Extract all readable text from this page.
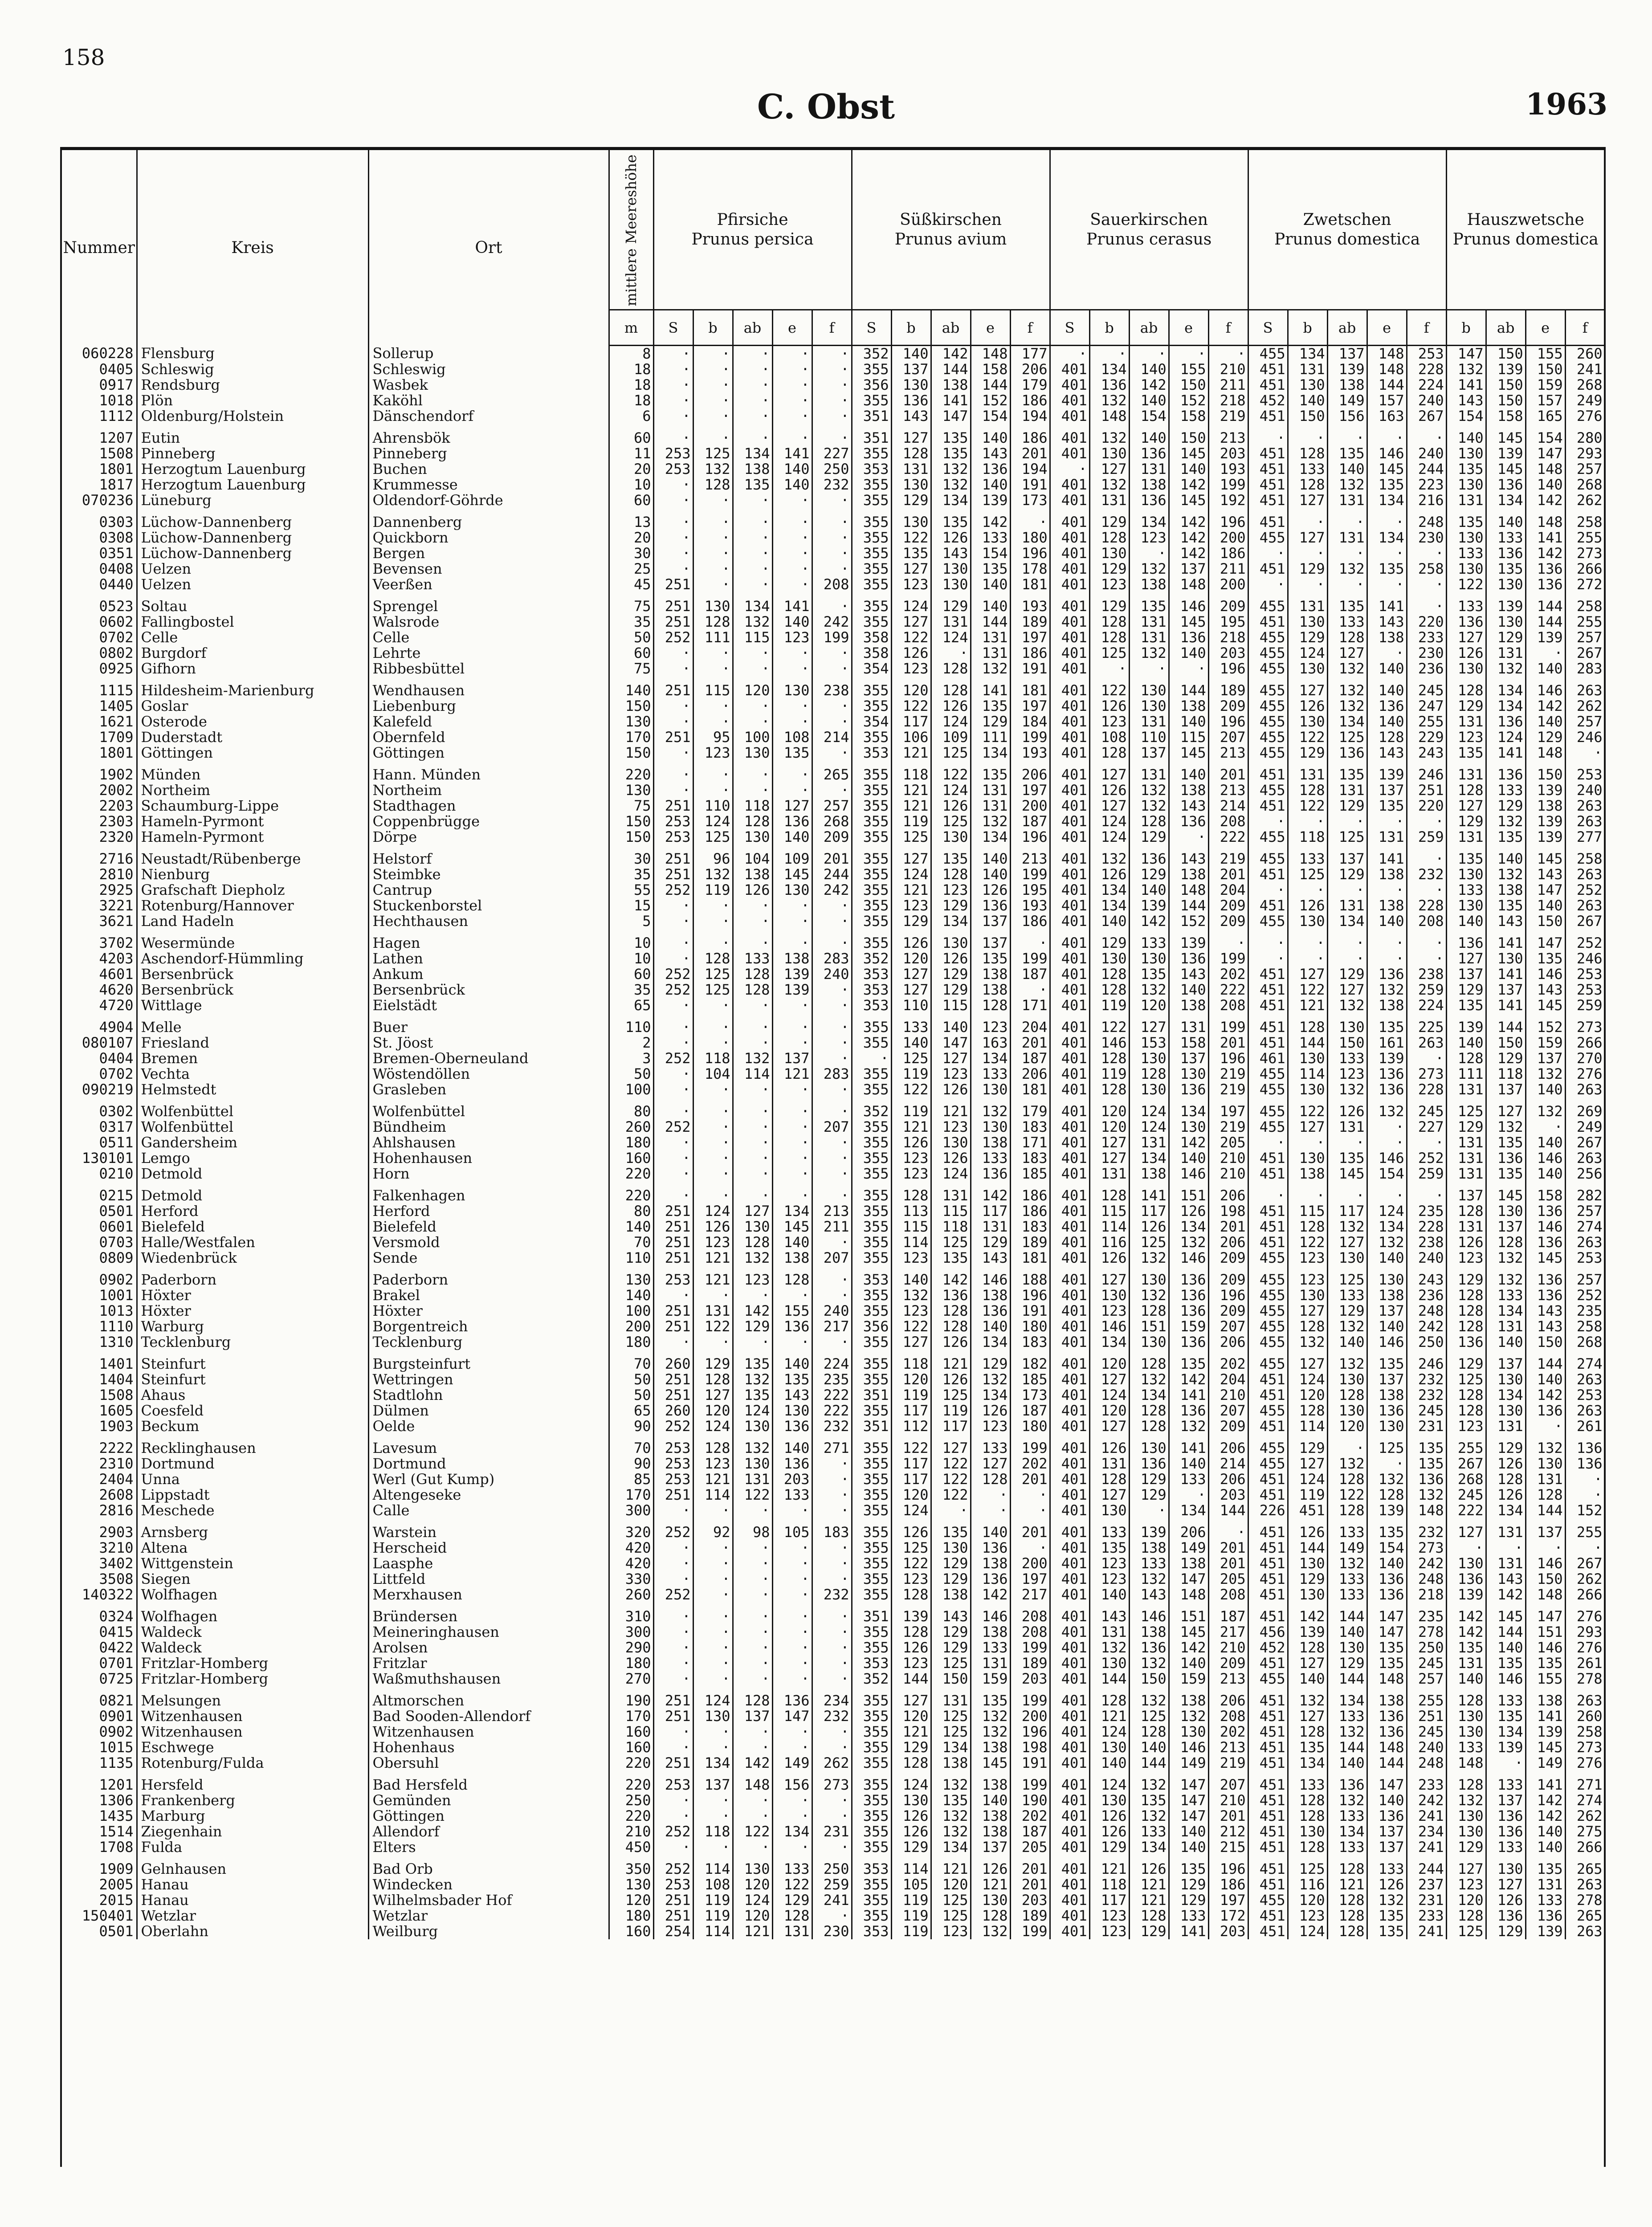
158
C. Obst	1963
Nummer	Kreis	Ort	mittlere Meereshöhe	Pfirsiche
Prunus persica					Süßkirschen
Prunus avium					Sauerkirschen
Prunus cerasus					Zwetschen
Prunus domestica					Hauszwetsche
Prunus domestica			
			m	S	b	ab	e	f	S	b	ab	e	f	S	b	ab	e	f	S	b	ab	e	f	b	ab	e	f
060228	Flensburg	Sollerup	8	·	·	·	·	·	352	140	142	148	177	·	·	·	·	·	455	134	137	148	253	147	150	155	260
0405	Schleswig	Schleswig	18	·	·	·	·	·	355	137	144	158	206	401	134	140	155	210	451	131	139	148	228	132	139	150	241
0917	Rendsburg	Wasbek	18	·	·	·	·	·	356	130	138	144	179	401	136	142	150	211	451	130	138	144	224	141	150	159	268
1018	Plön	Kaköhl	18	·	·	·	·	·	355	136	141	152	186	401	132	140	152	218	452	140	149	157	240	143	150	157	249
1112	Oldenburg/Holstein	Dänschendorf	6	·	·	·	·	·	351	143	147	154	194	401	148	154	158	219	451	150	156	163	267	154	158	165	276
1207	Eutin	Ahrensbök	60	·	·	·	·	·	351	127	135	140	186	401	132	140	150	213	·	·	·	·	·	140	145	154	280
1508	Pinneberg	Pinneberg	11	253	125	134	141	227	355	128	135	143	201	401	130	136	145	203	451	128	135	146	240	130	139	147	293
1801	Herzogtum Lauenburg	Buchen	20	253	132	138	140	250	353	131	132	136	194	·	127	131	140	193	451	133	140	145	244	135	145	148	257
1817	Herzogtum Lauenburg	Krummesse	10	·	128	135	140	232	355	130	132	140	191	401	132	138	142	199	451	128	132	135	223	130	136	140	268
070236	Lüneburg	Oldendorf-Göhrde	60	·	·	·	·	·	355	129	134	139	173	401	131	136	145	192	451	127	131	134	216	131	134	142	262
0303	Lüchow-Dannenberg	Dannenberg	13	·	·	·	·	·	355	130	135	142	·	401	129	134	142	196	451	·	·	·	248	135	140	148	258
0308	Lüchow-Dannenberg	Quickborn	20	·	·	·	·	·	355	122	126	133	180	401	128	123	142	200	455	127	131	134	230	130	133	141	255
0351	Lüchow-Dannenberg	Bergen	30	·	·	·	·	·	355	135	143	154	196	401	130	·	142	186	·	·	·	·	·	133	136	142	273
0408	Uelzen	Bevensen	25	·	·	·	·	·	355	127	130	135	178	401	129	132	137	211	451	129	132	135	258	130	135	136	266
0440	Uelzen	Veerßen	45	251	·	·	·	208	355	123	130	140	181	401	123	138	148	200	·	·	·	·	·	122	130	136	272
0523	Soltau	Sprengel	75	251	130	134	141	·	355	124	129	140	193	401	129	135	146	209	455	131	135	141	·	133	139	144	258
0602	Fallingbostel	Walsrode	35	251	128	132	140	242	355	127	131	144	189	401	128	131	145	195	451	130	133	143	220	136	130	144	255
0702	Celle	Celle	50	252	111	115	123	199	358	122	124	131	197	401	128	131	136	218	455	129	128	138	233	127	129	139	257
0802	Burgdorf	Lehrte	60	·	·	·	·	·	358	126	·	131	186	401	125	132	140	203	455	124	127	·	230	126	131	·	267
0925	Gifhorn	Ribbesbüttel	75	·	·	·	·	·	354	123	128	132	191	401	·	·	·	196	455	130	132	140	236	130	132	140	283
1115	Hildesheim-Marienburg	Wendhausen	140	251	115	120	130	238	355	120	128	141	181	401	122	130	144	189	455	127	132	140	245	128	134	146	263
1405	Goslar	Liebenburg	150	·	·	·	·	·	355	122	126	135	197	401	126	130	138	209	455	126	132	136	247	129	134	142	262
1621	Osterode	Kalefeld	130	·	·	·	·	·	354	117	124	129	184	401	123	131	140	196	455	130	134	140	255	131	136	140	257
1709	Duderstadt	Obernfeld	170	251	95	100	108	214	355	106	109	111	199	401	108	110	115	207	455	122	125	128	229	123	124	129	246
1801	Göttingen	Göttingen	150	·	123	130	135	·	353	121	125	134	193	401	128	137	145	213	455	129	136	143	243	135	141	148	·
1902	Münden	Hann. Münden	220	·	·	·	·	265	355	118	122	135	206	401	127	131	140	201	451	131	135	139	246	131	136	150	253
2002	Northeim	Northeim	130	·	·	·	·	·	355	121	124	131	197	401	126	132	138	213	455	128	131	137	251	128	133	139	240
2203	Schaumburg-Lippe	Stadthagen	75	251	110	118	127	257	355	121	126	131	200	401	127	132	143	214	451	122	129	135	220	127	129	138	263
2303	Hameln-Pyrmont	Coppenbrügge	150	253	124	128	136	268	355	119	125	132	187	401	124	128	136	208	·	·	·	·	·	129	132	139	263
2320	Hameln-Pyrmont	Dörpe	150	253	125	130	140	209	355	125	130	134	196	401	124	129	·	222	455	118	125	131	259	131	135	139	277
2716	Neustadt/Rübenberge	Helstorf	30	251	96	104	109	201	355	127	135	140	213	401	132	136	143	219	455	133	137	141	·	135	140	145	258
2810	Nienburg	Steimbke	35	251	132	138	145	244	355	124	128	140	199	401	126	129	138	201	451	125	129	138	232	130	132	143	263
2925	Grafschaft Diepholz	Cantrup	55	252	119	126	130	242	355	121	123	126	195	401	134	140	148	204	·	·	·	·	·	133	138	147	252
3221	Rotenburg/Hannover	Stuckenborstel	15	·	·	·	·	·	355	123	129	136	193	401	134	139	144	209	451	126	131	138	228	130	135	140	263
3621	Land Hadeln	Hechthausen	5	·	·	·	·	·	355	129	134	137	186	401	140	142	152	209	455	130	134	140	208	140	143	150	267
3702	Wesermünde	Hagen	10	·	·	·	·	·	355	126	130	137	·	401	129	133	139	·	·	·	·	·	·	136	141	147	252
4203	Aschendorf-Hümmling	Lathen	10	·	128	133	138	283	352	120	126	135	199	401	130	130	136	199	·	·	·	·	·	127	130	135	246
4601	Bersenbrück	Ankum	60	252	125	128	139	240	353	127	129	138	187	401	128	135	143	202	451	127	129	136	238	137	141	146	253
4620	Bersenbrück	Bersenbrück	35	252	125	128	139	·	353	127	129	138	·	401	128	132	140	222	451	122	127	132	259	129	137	143	253
4720	Wittlage	Eielstädt	65	·	·	·	·	·	353	110	115	128	171	401	119	120	138	208	451	121	132	138	224	135	141	145	259
4904	Melle	Buer	110	·	·	·	·	·	355	133	140	123	204	401	122	127	131	199	451	128	130	135	225	139	144	152	273
080107	Friesland	St. Jöost	2	·	·	·	·	·	355	140	147	163	201	401	146	153	158	201	451	144	150	161	263	140	150	159	266
0404	Bremen	Bremen-Oberneuland	3	252	118	132	137	·	·	125	127	134	187	401	128	130	137	196	461	130	133	139	·	128	129	137	270
0702	Vechta	Wöstendöllen	50	·	104	114	121	283	355	119	123	133	206	401	119	128	130	219	455	114	123	136	273	111	118	132	276
090219	Helmstedt	Grasleben	100	·	·	·	·	·	355	122	126	130	181	401	128	130	136	219	455	130	132	136	228	131	137	140	263
0302	Wolfenbüttel	Wolfenbüttel	80	·	·	·	·	·	352	119	121	132	179	401	120	124	134	197	455	122	126	132	245	125	127	132	269
0317	Wolfenbüttel	Bündheim	260	252	·	·	·	207	355	121	123	130	183	401	120	124	130	219	455	127	131	·	227	129	132	·	249
0511	Gandersheim	Ahlshausen	180	·	·	·	·	·	355	126	130	138	171	401	127	131	142	205	·	·	·	·	·	131	135	140	267
130101	Lemgo	Hohenhausen	160	·	·	·	·	·	355	123	126	133	183	401	127	134	140	210	451	130	135	146	252	131	136	146	263
0210	Detmold	Horn	220	·	·	·	·	·	355	123	124	136	185	401	131	138	146	210	451	138	145	154	259	131	135	140	256
0215	Detmold	Falkenhagen	220	·	·	·	·	·	355	128	131	142	186	401	128	141	151	206	·	·	·	·	·	137	145	158	282
0501	Herford	Herford	80	251	124	127	134	213	355	113	115	117	186	401	115	117	126	198	451	115	117	124	235	128	130	136	257
0601	Bielefeld	Bielefeld	140	251	126	130	145	211	355	115	118	131	183	401	114	126	134	201	451	128	132	134	228	131	137	146	274
0703	Halle/Westfalen	Versmold	70	251	123	128	140	·	355	114	125	129	189	401	116	125	132	206	451	122	127	132	238	126	128	136	263
0809	Wiedenbrück	Sende	110	251	121	132	138	207	355	123	135	143	181	401	126	132	146	209	455	123	130	140	240	123	132	145	253
0902	Paderborn	Paderborn	130	253	121	123	128	·	353	140	142	146	188	401	127	130	136	209	455	123	125	130	243	129	132	136	257
1001	Höxter	Brakel	140	·	·	·	·	·	355	132	136	138	196	401	130	132	136	196	455	130	133	138	236	128	133	136	252
1013	Höxter	Höxter	100	251	131	142	155	240	355	123	128	136	191	401	123	128	136	209	455	127	129	137	248	128	134	143	235
1110	Warburg	Borgentreich	200	251	122	129	136	217	356	122	128	140	180	401	146	151	159	207	455	128	132	140	242	128	131	143	258
1310	Tecklenburg	Tecklenburg	180	·	·	·	·	·	355	127	126	134	183	401	134	130	136	206	455	132	140	146	250	136	140	150	268
1401	Steinfurt	Burgsteinfurt	70	260	129	135	140	224	355	118	121	129	182	401	120	128	135	202	455	127	132	135	246	129	137	144	274
1404	Steinfurt	Wettringen	50	251	128	132	135	235	355	120	126	132	185	401	127	132	142	204	451	124	130	137	232	125	130	140	263
1508	Ahaus	Stadtlohn	50	251	127	135	143	222	351	119	125	134	173	401	124	134	141	210	451	120	128	138	232	128	134	142	253
1605	Coesfeld	Dülmen	65	260	120	124	130	222	355	117	119	126	187	401	120	128	136	207	455	128	130	136	245	128	130	136	263
1903	Beckum	Oelde	90	252	124	130	136	232	351	112	117	123	180	401	127	128	132	209	451	114	120	130	231	123	131	·	261
2222	Recklinghausen	Lavesum	70	253	128	132	140	271	355	122	127	133	199	401	126	130	141	206	455	129	·	125	135	255	129	132	136
2310	Dortmund	Dortmund	90	253	123	130	136	·	355	117	122	127	202	401	131	136	140	214	455	127	132	·	135	267	126	130	136
2404	Unna	Werl (Gut Kump)	85	253	121	131	203	·	355	117	122	128	201	401	128	129	133	206	451	124	128	132	136	268	128	131	·
2608	Lippstadt	Altengeseke	170	251	114	122	133	·	355	120	122	·	·	401	127	129	·	203	451	119	122	128	132	245	126	128	·
2816	Meschede	Calle	300	·	·	·	·	·	355	124	·	·	·	401	130	·	134	144	226	451	128	139	148	222	134	144	152
2903	Arnsberg	Warstein	320	252	92	98	105	183	355	126	135	140	201	401	133	139	206	·	451	126	133	135	232	127	131	137	255
3210	Altena	Herscheid	420	·	·	·	·	·	355	125	130	136	·	401	135	138	149	201	451	144	149	154	273	·	·	·	·
3402	Wittgenstein	Laasphe	420	·	·	·	·	·	355	122	129	138	200	401	123	133	138	201	451	130	132	140	242	130	131	146	267
3508	Siegen	Littfeld	330	·	·	·	·	·	355	123	129	136	197	401	123	132	147	205	451	129	133	136	248	136	143	150	262
140322	Wolfhagen	Merxhausen	260	252	·	·	·	232	355	128	138	142	217	401	140	143	148	208	451	130	133	136	218	139	142	148	266
0324	Wolfhagen	Bründersen	310	·	·	·	·	·	351	139	143	146	208	401	143	146	151	187	451	142	144	147	235	142	145	147	276
0415	Waldeck	Meineringhausen	300	·	·	·	·	·	355	128	129	138	208	401	131	138	145	217	456	139	140	147	278	142	144	151	293
0422	Waldeck	Arolsen	290	·	·	·	·	·	355	126	129	133	199	401	132	136	142	210	452	128	130	135	250	135	140	146	276
0701	Fritzlar-Homberg	Fritzlar	180	·	·	·	·	·	353	123	125	131	189	401	130	132	140	209	451	127	129	135	245	131	135	135	261
0725	Fritzlar-Homberg	Waßmuthshausen	270	·	·	·	·	·	352	144	150	159	203	401	144	150	159	213	455	140	144	148	257	140	146	155	278
0821	Melsungen	Altmorschen	190	251	124	128	136	234	355	127	131	135	199	401	128	132	138	206	451	132	134	138	255	128	133	138	263
0901	Witzenhausen	Bad Sooden-Allendorf	170	251	130	137	147	232	355	120	125	132	200	401	121	125	132	208	451	127	133	136	251	130	135	141	260
0902	Witzenhausen	Witzenhausen	160	·	·	·	·	·	355	121	125	132	196	401	124	128	130	202	451	128	132	136	245	130	134	139	258
1015	Eschwege	Hohenhaus	160	·	·	·	·	·	355	129	134	138	198	401	130	140	146	213	451	135	144	148	240	133	139	145	273
1135	Rotenburg/Fulda	Obersuhl	220	251	134	142	149	262	355	128	138	145	191	401	140	144	149	219	451	134	140	144	248	148	·	149	276
1201	Hersfeld	Bad Hersfeld	220	253	137	148	156	273	355	124	132	138	199	401	124	132	147	207	451	133	136	147	233	128	133	141	271
1306	Frankenberg	Gemünden	250	·	·	·	·	·	355	130	135	140	190	401	130	135	147	210	451	128	132	140	242	132	137	142	274
1435	Marburg	Göttingen	220	·	·	·	·	·	355	126	132	138	202	401	126	132	147	201	451	128	133	136	241	130	136	142	262
1514	Ziegenhain	Allendorf	210	252	118	122	134	231	355	126	132	138	187	401	126	133	140	212	451	130	134	137	234	130	136	140	275
1708	Fulda	Elters	450	·	·	·	·	·	355	129	134	137	205	401	129	134	140	215	451	128	133	137	241	129	133	140	266
1909	Gelnhausen	Bad Orb	350	252	114	130	133	250	353	114	121	126	201	401	121	126	135	196	451	125	128	133	244	127	130	135	265
2005	Hanau	Windecken	130	253	108	120	122	259	355	105	120	121	201	401	118	121	129	186	451	116	121	126	237	123	127	131	263
2015	Hanau	Wilhelmsbader Hof	120	251	119	124	129	241	355	119	125	130	203	401	117	121	129	197	455	120	128	132	231	120	126	133	278
150401	Wetzlar	Wetzlar	180	251	119	120	128	·	355	119	125	128	189	401	123	128	133	172	451	123	128	135	233	128	136	136	265
0501	Oberlahn	Weilburg	160	254	114	121	131	230	353	119	123	132	199	401	123	129	141	203	451	124	128	135	241	125	129	139	263
